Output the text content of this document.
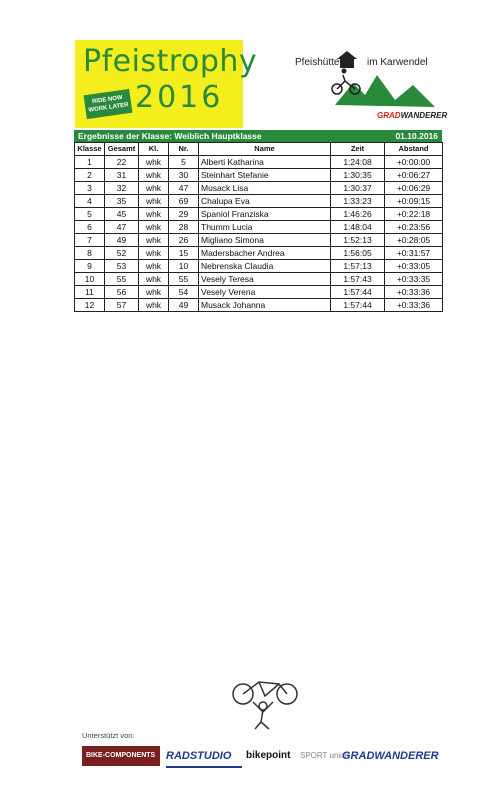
Pfeistrophy
2016
RIDE NOW
WORK LATER
Pfeishütte	im Karwendel
GRADWANDERER
Ergebnisse der Klasse: Weiblich Hauptklasse	01.10.2016
Klasse	Gesamt	Kl.	Nr.	Name	Zeit	Abstand
1	22	whk	5	Alberti Katharina	1:24:08	+0:00:00
2	31	whk	30	Steinhart Stefanie	1:30:35	+0:06:27
3	32	whk	47	Musack Lisa	1:30:37	+0:06:29
4	35	whk	69	Chalupa Eva	1:33:23	+0:09:15
5	45	whk	29	Spaniol Franziska	1:46:26	+0:22:18
6	47	whk	28	Thumm Lucia	1:48:04	+0:23:56
7	49	whk	26	Migliano Simona	1:52:13	+0:28:05
8	52	whk	15	Madersbacher Andrea	1:56:05	+0:31:57
9	53	whk	10	Nebrenska Claudia	1:57:13	+0:33:05
10	55	whk	55	Vesely Teresa	1:57:43	+0:33:35
11	56	whk	54	Vesely Verena	1:57:44	+0:33:36
12	57	whk	49	Musack Johanna	1:57:44	+0:33:36
Unterstützt von:
BIKE-COMPONENTS RADSTUDIO	bikepoint	SPORT union
GRADWANDERER
